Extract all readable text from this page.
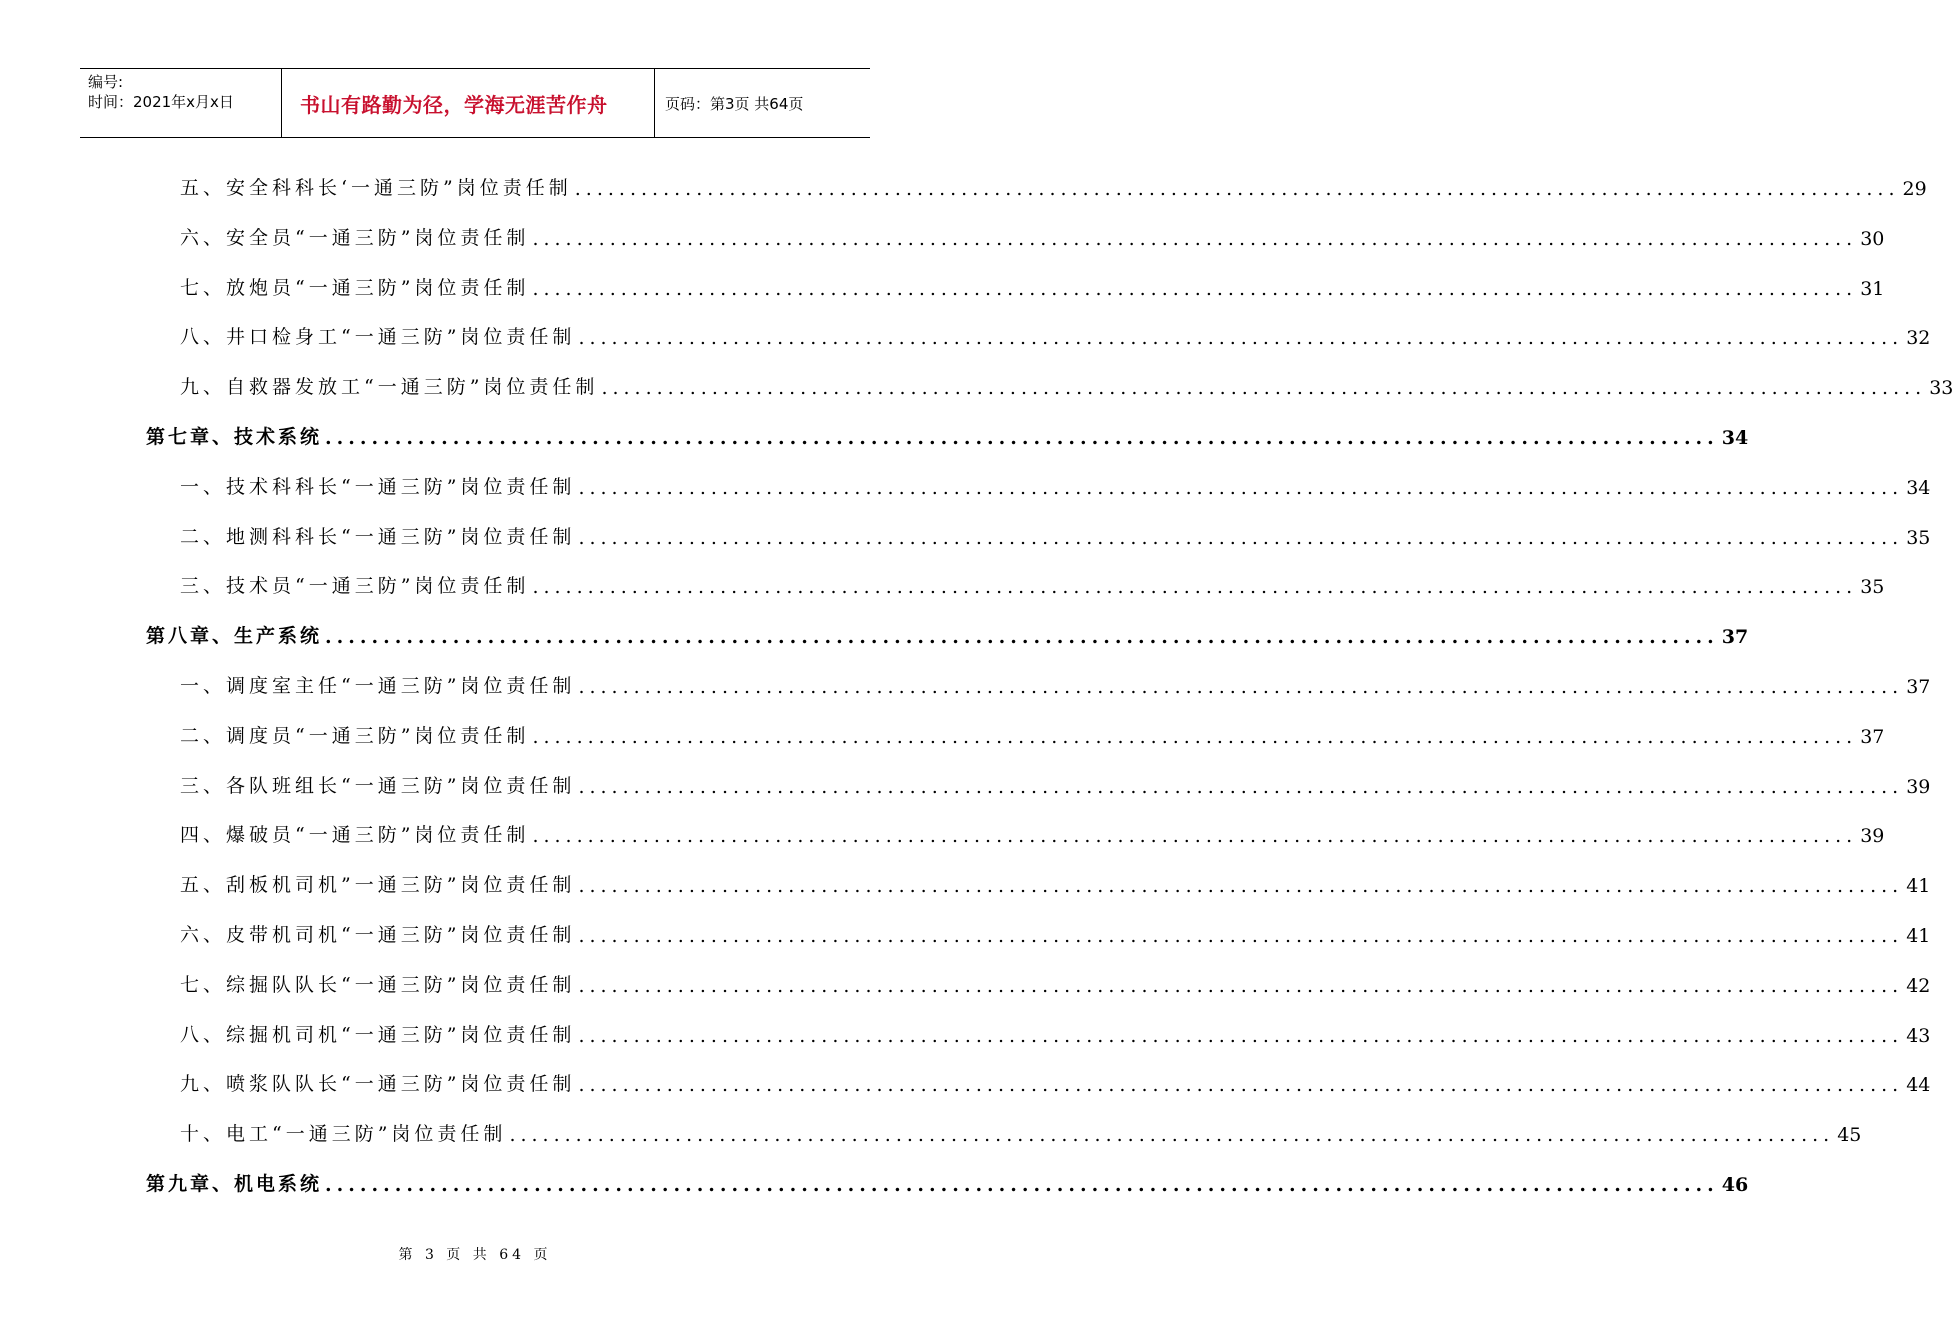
编号:
时间：2021年x月x日	书山有路勤为径，学海无涯苦作舟	页码：第3页 共64页
五、安全科科长‘一通三防”岗位责任制 ........................................................................................................................ 29
六、安全员“一通三防”岗位责任制 ........................................................................................................................ 30
七、放炮员“一通三防”岗位责任制 ........................................................................................................................ 31
八、井口检身工“一通三防”岗位责任制 ........................................................................................................................ 32
九、自救器发放工“一通三防”岗位责任制 ........................................................................................................................ 33
第七章、技术系统 ........................................................................................................................ 34
一、技术科科长“一通三防”岗位责任制 ........................................................................................................................ 34
二、地测科科长“一通三防”岗位责任制 ........................................................................................................................ 35
三、技术员“一通三防”岗位责任制 ........................................................................................................................ 35
第八章、生产系统 ........................................................................................................................ 37
一、调度室主任“一通三防”岗位责任制 ........................................................................................................................ 37
二、调度员“一通三防”岗位责任制 ........................................................................................................................ 37
三、各队班组长“一通三防”岗位责任制 ........................................................................................................................ 39
四、爆破员“一通三防”岗位责任制 ........................................................................................................................ 39
五、刮板机司机”一通三防”岗位责任制 ........................................................................................................................ 41
六、皮带机司机“一通三防”岗位责任制 ........................................................................................................................ 41
七、综掘队队长“一通三防”岗位责任制 ........................................................................................................................ 42
八、综掘机司机“一通三防”岗位责任制 ........................................................................................................................ 43
九、喷浆队队长“一通三防”岗位责任制 ........................................................................................................................ 44
十、电工“一通三防”岗位责任制 ........................................................................................................................ 45
第九章、机电系统 ........................................................................................................................ 46
第 3 页 共 64 页
